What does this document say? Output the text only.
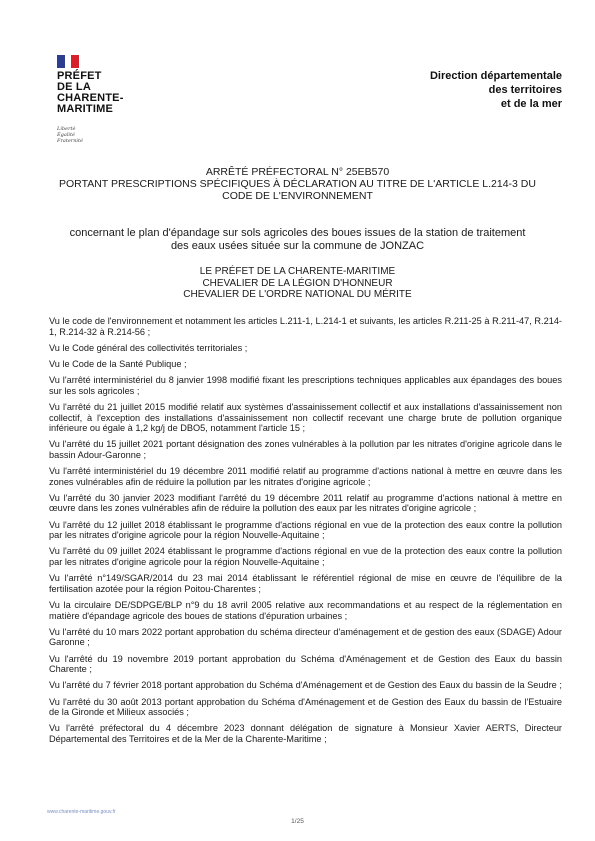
PRÉFET
DE LA
CHARENTE-
MARITIME
Liberté
Égalité
Fraternité
Direction départementale
des territoires
et de la mer
ARRÊTÉ PRÉFECTORAL N° 25EB570
PORTANT PRESCRIPTIONS SPÉCIFIQUES À DÉCLARATION AU TITRE DE L'ARTICLE L.214-3 DU
CODE DE L'ENVIRONNEMENT
concernant le plan d'épandage sur sols agricoles des boues issues de la station de traitement
des eaux usées située sur la commune de JONZAC
LE PRÉFET DE LA CHARENTE-MARITIME
CHEVALIER DE LA LÉGION D'HONNEUR
CHEVALIER DE L'ORDRE NATIONAL DU MÉRITE

Vu le code de l'environnement et notamment les articles L.211-1, L.214-1 et suivants, les articles R.211-25 à R.211-47, R.214-1, R.214-32 à R.214-56 ;

Vu le Code général des collectivités territoriales ;

Vu le Code de la Santé Publique ;

Vu l'arrêté interministériel du 8 janvier 1998 modifié fixant les prescriptions techniques applicables aux épandages des boues sur les sols agricoles ;

Vu l'arrêté du 21 juillet 2015 modifié relatif aux systèmes d'assainissement collectif et aux installations d'assainissement non collectif, à l'exception des installations d'assainissement non collectif recevant une charge brute de pollution organique inférieure ou égale à 1,2 kg/j de DBO5, notamment l'article 15 ;

Vu l'arrêté du 15 juillet 2021 portant désignation des zones vulnérables à la pollution par les nitrates d'origine agricole dans le bassin Adour-Garonne ;

Vu l'arrêté interministériel du 19 décembre 2011 modifié relatif au programme d'actions national à mettre en œuvre dans les zones vulnérables afin de réduire la pollution par les nitrates d'origine agricole ;

Vu l'arrêté du 30 janvier 2023 modifiant l'arrêté du 19 décembre 2011 relatif au programme d'actions national à mettre en œuvre dans les zones vulnérables afin de réduire la pollution des eaux par les nitrates d'origine agricole ;

Vu l'arrêté du 12 juillet 2018 établissant le programme d'actions régional en vue de la protection des eaux contre la pollution par les nitrates d'origine agricole pour la région Nouvelle-Aquitaine ;

Vu l'arrêté du 09 juillet 2024 établissant le programme d'actions régional en vue de la protection des eaux contre la pollution par les nitrates d'origine agricole pour la région Nouvelle-Aquitaine ;

Vu l'arrêté n°149/SGAR/2014 du 23 mai 2014 établissant le référentiel régional de mise en œuvre de l'équilibre de la fertilisation azotée pour la région Poitou-Charentes ;

Vu la circulaire DE/SDPGE/BLP n°9 du 18 avril 2005 relative aux recommandations et au respect de la réglementation en matière d'épandage agricole des boues de stations d'épuration urbaines ;

Vu l'arrêté du 10 mars 2022 portant approbation du schéma directeur d'aménagement et de gestion des eaux (SDAGE) Adour Garonne ;

Vu l'arrêté du 19 novembre 2019 portant approbation du Schéma d'Aménagement et de Gestion des Eaux du bassin Charente ;

Vu l'arrêté du 7 février 2018 portant approbation du Schéma d'Aménagement et de Gestion des Eaux du bassin de la Seudre ;

Vu l'arrêté du 30 août 2013 portant approbation du Schéma d'Aménagement et de Gestion des Eaux du bassin de l'Estuaire de la Gironde et Milieux associés ;

Vu l'arrêté préfectoral du 4 décembre 2023 donnant délégation de signature à Monsieur Xavier AERTS, Directeur Départemental des Territoires et de la Mer de la Charente-Maritime ;

www.charente-maritime.gouv.fr
1/25
